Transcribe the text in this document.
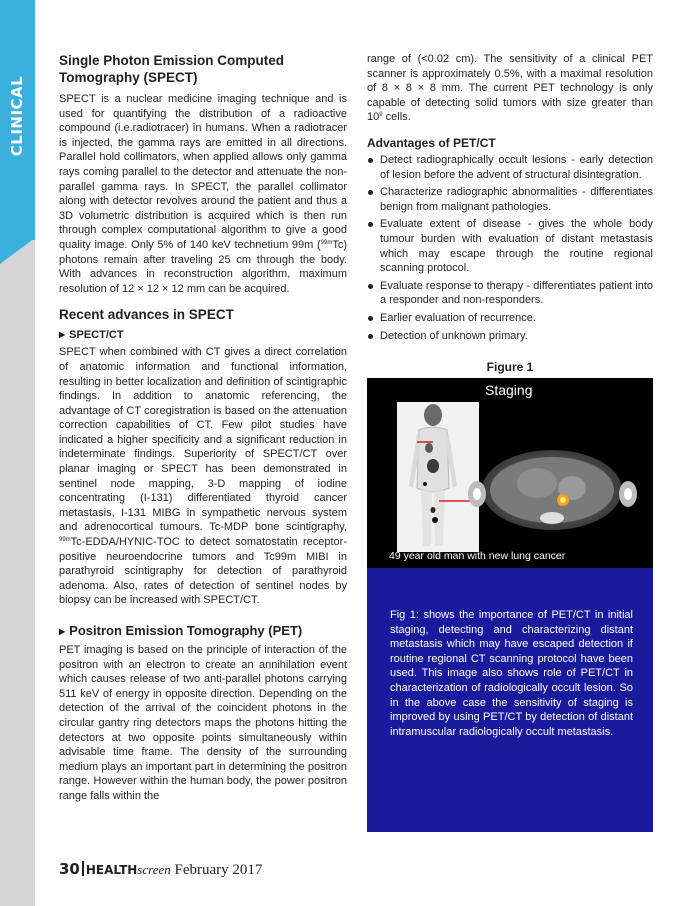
CLINICAL IMAGING
Single Photon Emission Computed Tomography (SPECT)

SPECT is a nuclear medicine imaging technique and is used for quantifying the distribution of a radioactive compound (i.e.radiotracer) in humans. When a radiotracer is injected, the gamma rays are emitted in all directions. Parallel hold collimators, when applied allows only gamma rays coming parallel to the detector and attenuate the non-parallel gamma rays. In SPECT, the parallel collimator along with detector revolves around the patient and thus a 3D volumetric distribution is acquired which is then run through complex computational algorithm to give a good quality image. Only 5% of 140 keV technetium 99m ($^{99m}$Tc) photons remain after traveling 25 cm through the body. With advances in reconstruction algorithm, maximum resolution of 12 × 12 × 12 mm can be acquired.

Recent advances in SPECT
▶ SPECT/CT

SPECT when combined with CT gives a direct correlation of anatomic information and functional information, resulting in better localization and definition of scintigraphic findings. In addition to anatomic referencing, the advantage of CT coregistration is based on the attenuation correction capabilities of CT. Few pilot studies have indicated a higher specificity and a significant reduction in indeterminate findings. Superiority of SPECT/CT over planar imaging or SPECT has been demonstrated in sentinel node mapping, 3-D mapping of iodine concentrating (I-131) differentiated thyroid cancer metastasis, I-131 MIBG in sympathetic nervous system and adrenocortical tumours. Tc-MDP bone scintigraphy, $^{99m}$Tc-EDDA/HYNIC-TOC to detect somatostatin receptor-positive neuroendocrine tumors and Tc99m MIBI in parathyroid scintigraphy for detection of parathyroid adenoma. Also, rates of detection of sentinel nodes by biopsy can be increased with SPECT/CT.

▶ Positron Emission Tomography (PET)

PET imaging is based on the principle of interaction of the positron with an electron to create an annihilation event which causes release of two anti-parallel photons carrying 511 keV of energy in opposite direction. Depending on the detection of the arrival of the coincident photons in the circular gantry ring detectors maps the photons hitting the detectors at two opposite points simultaneously within advisable time frame. The density of the surrounding medium plays an important part in determining the positron range. However within the human body, the power positron range falls within the

range of (<0.02 cm). The sensitivity of a clinical PET scanner is approximately 0.5%, with a maximal resolution of 8 × 8 × 8 mm. The current PET technology is only capable of detecting solid tumors with size greater than $10^9$ cells.

Advantages of PET/CT
Detect radiographically occult lesions - early detection of lesion before the advent of structural disintegration.
Characterize radiographic abnormalities - differentiates benign from malignant pathologies.
Evaluate extent of disease - gives the whole body tumour burden with evaluation of distant metastasis which may escape through the routine regional scanning protocol.
Evaluate response to therapy - differentiates patient into a responder and non-responders.
Earlier evaluation of recurrence.
Detection of unknown primary.
Figure 1
Staging
49 year old man with new lung cancer
Fig 1: shows the importance of PET/CT in initial staging, detecting and characterizing distant metastasis which may have escaped detection if routine regional CT scanning protocol have been used. This image also shows role of PET/CT in characterization of radiologically occult lesion. So in the above case the sensitivity of staging is improved by using PET/CT by detection of distant intramuscular radiologically occult metastasis.
30 HEALTHscreen February 2017
